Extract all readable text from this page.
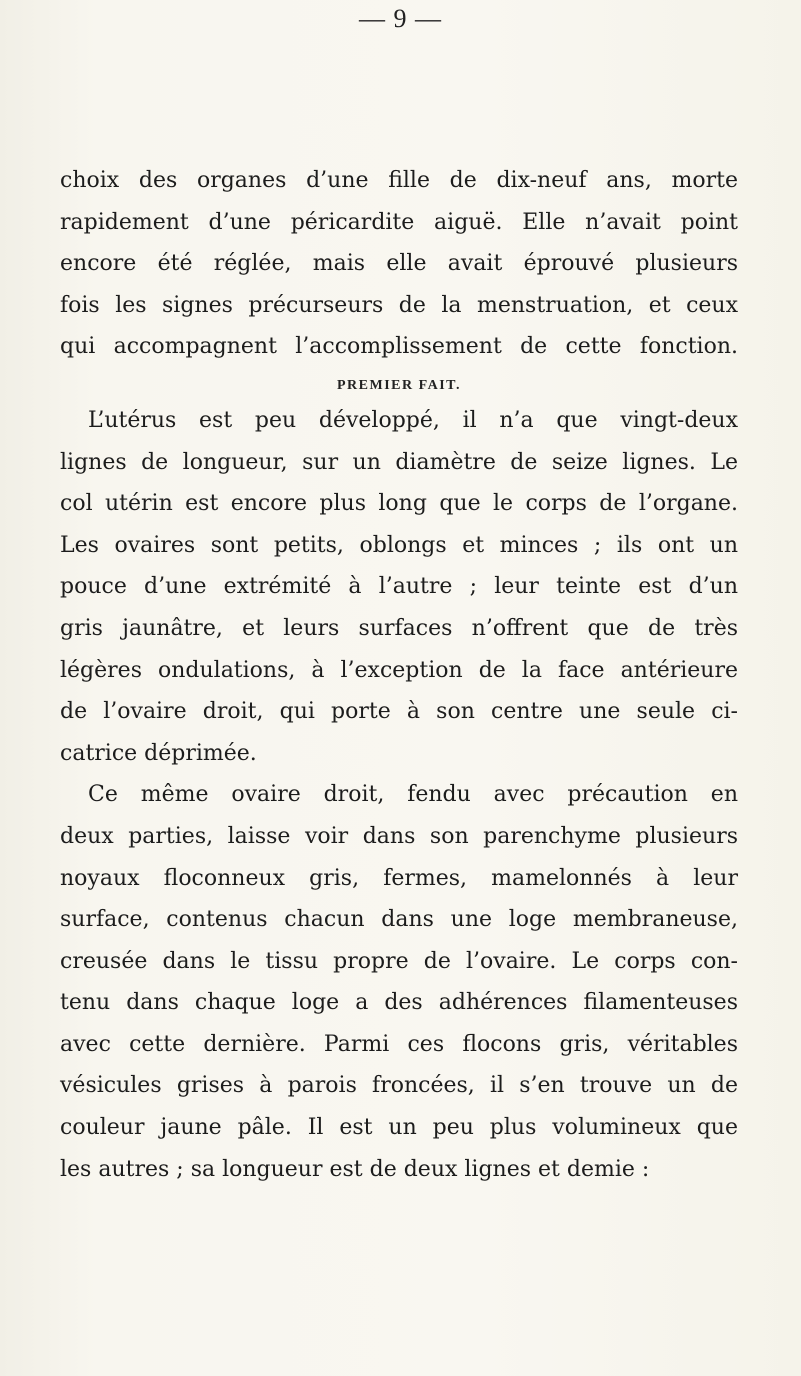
— 9 —
choix des organes d’une fille de dix-neuf ans, morte
rapidement d’une péricardite aiguë. Elle n’avait point
encore été réglée, mais elle avait éprouvé plusieurs
fois les signes précurseurs de la menstruation, et ceux
qui accompagnent l’accomplissement de cette fonction.
PREMIER FAIT.
L’utérus est peu développé, il n’a que vingt-deux
lignes de longueur, sur un diamètre de seize lignes. Le
col utérin est encore plus long que le corps de l’organe.
Les ovaires sont petits, oblongs et minces ; ils ont un
pouce d’une extrémité à l’autre ; leur teinte est d’un
gris jaunâtre, et leurs surfaces n’offrent que de très
légères ondulations, à l’exception de la face antérieure
de l’ovaire droit, qui porte à son centre une seule ci-
catrice déprimée.
Ce même ovaire droit, fendu avec précaution en
deux parties, laisse voir dans son parenchyme plusieurs
noyaux floconneux gris, fermes, mamelonnés à leur
surface, contenus chacun dans une loge membraneuse,
creusée dans le tissu propre de l’ovaire. Le corps con-
tenu dans chaque loge a des adhérences filamenteuses
avec cette dernière. Parmi ces flocons gris, véritables
vésicules grises à parois froncées, il s’en trouve un de
couleur jaune pâle. Il est un peu plus volumineux que
les autres ; sa longueur est de deux lignes et demie :
